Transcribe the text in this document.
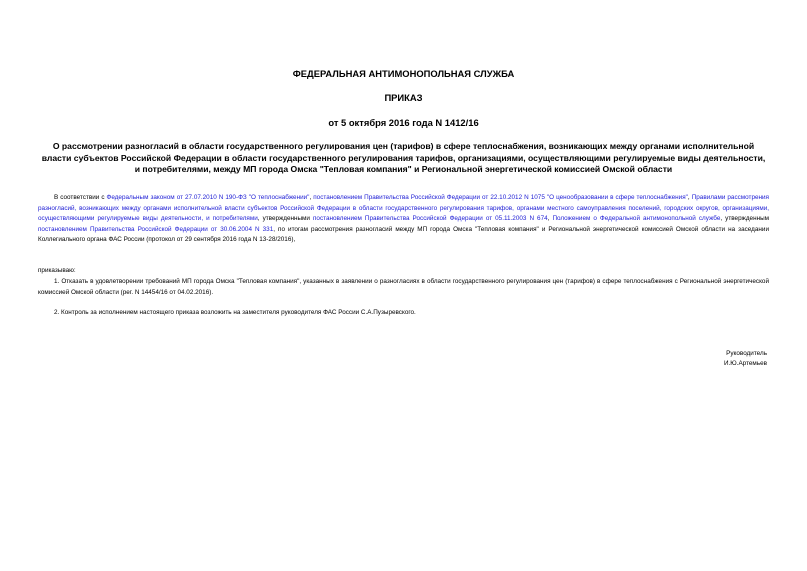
ФЕДЕРАЛЬНАЯ АНТИМОНОПОЛЬНАЯ СЛУЖБА
ПРИКАЗ
от 5 октября 2016 года N 1412/16
О рассмотрении разногласий в области государственного регулирования цен (тарифов) в сфере теплоснабжения, возникающих между органами исполнительной власти субъектов Российской Федерации в области государственного регулирования тарифов, организациями, осуществляющими регулируемые виды деятельности, и потребителями, между МП города Омска "Тепловая компания" и Региональной энергетической комиссией Омской области
В соответствии с Федеральным законом от 27.07.2010 N 190-ФЗ "О теплоснабжении", постановлением Правительства Российской Федерации от 22.10.2012 N 1075 "О ценообразовании в сфере теплоснабжения", Правилами рассмотрения разногласий, возникающих между органами исполнительной власти субъектов Российской Федерации в области государственного регулирования тарифов, органами местного самоуправления поселений, городских округов, организациями, осуществляющими регулируемые виды деятельности, и потребителями, утвержденными постановлением Правительства Российской Федерации от 05.11.2003 N 674, Положением о Федеральной антимонопольной службе, утвержденным постановлением Правительства Российской Федерации от 30.06.2004 N 331, по итогам рассмотрения разногласий между МП города Омска "Тепловая компания" и Региональной энергетической комиссией Омской области на заседании Коллегиального органа ФАС России (протокол от 29 сентября 2016 года N 13-28/2016),
приказываю:
1. Отказать в удовлетворении требований МП города Омска "Тепловая компания", указанных в заявлении о разногласиях в области государственного регулирования цен (тарифов) в сфере теплоснабжения с Региональной энергетической комиссией Омской области (рег. N 14454/16 от 04.02.2016).
2. Контроль за исполнением настоящего приказа возложить на заместителя руководителя ФАС России С.А.Пузыревского.
Руководитель
И.Ю.Артемьев
